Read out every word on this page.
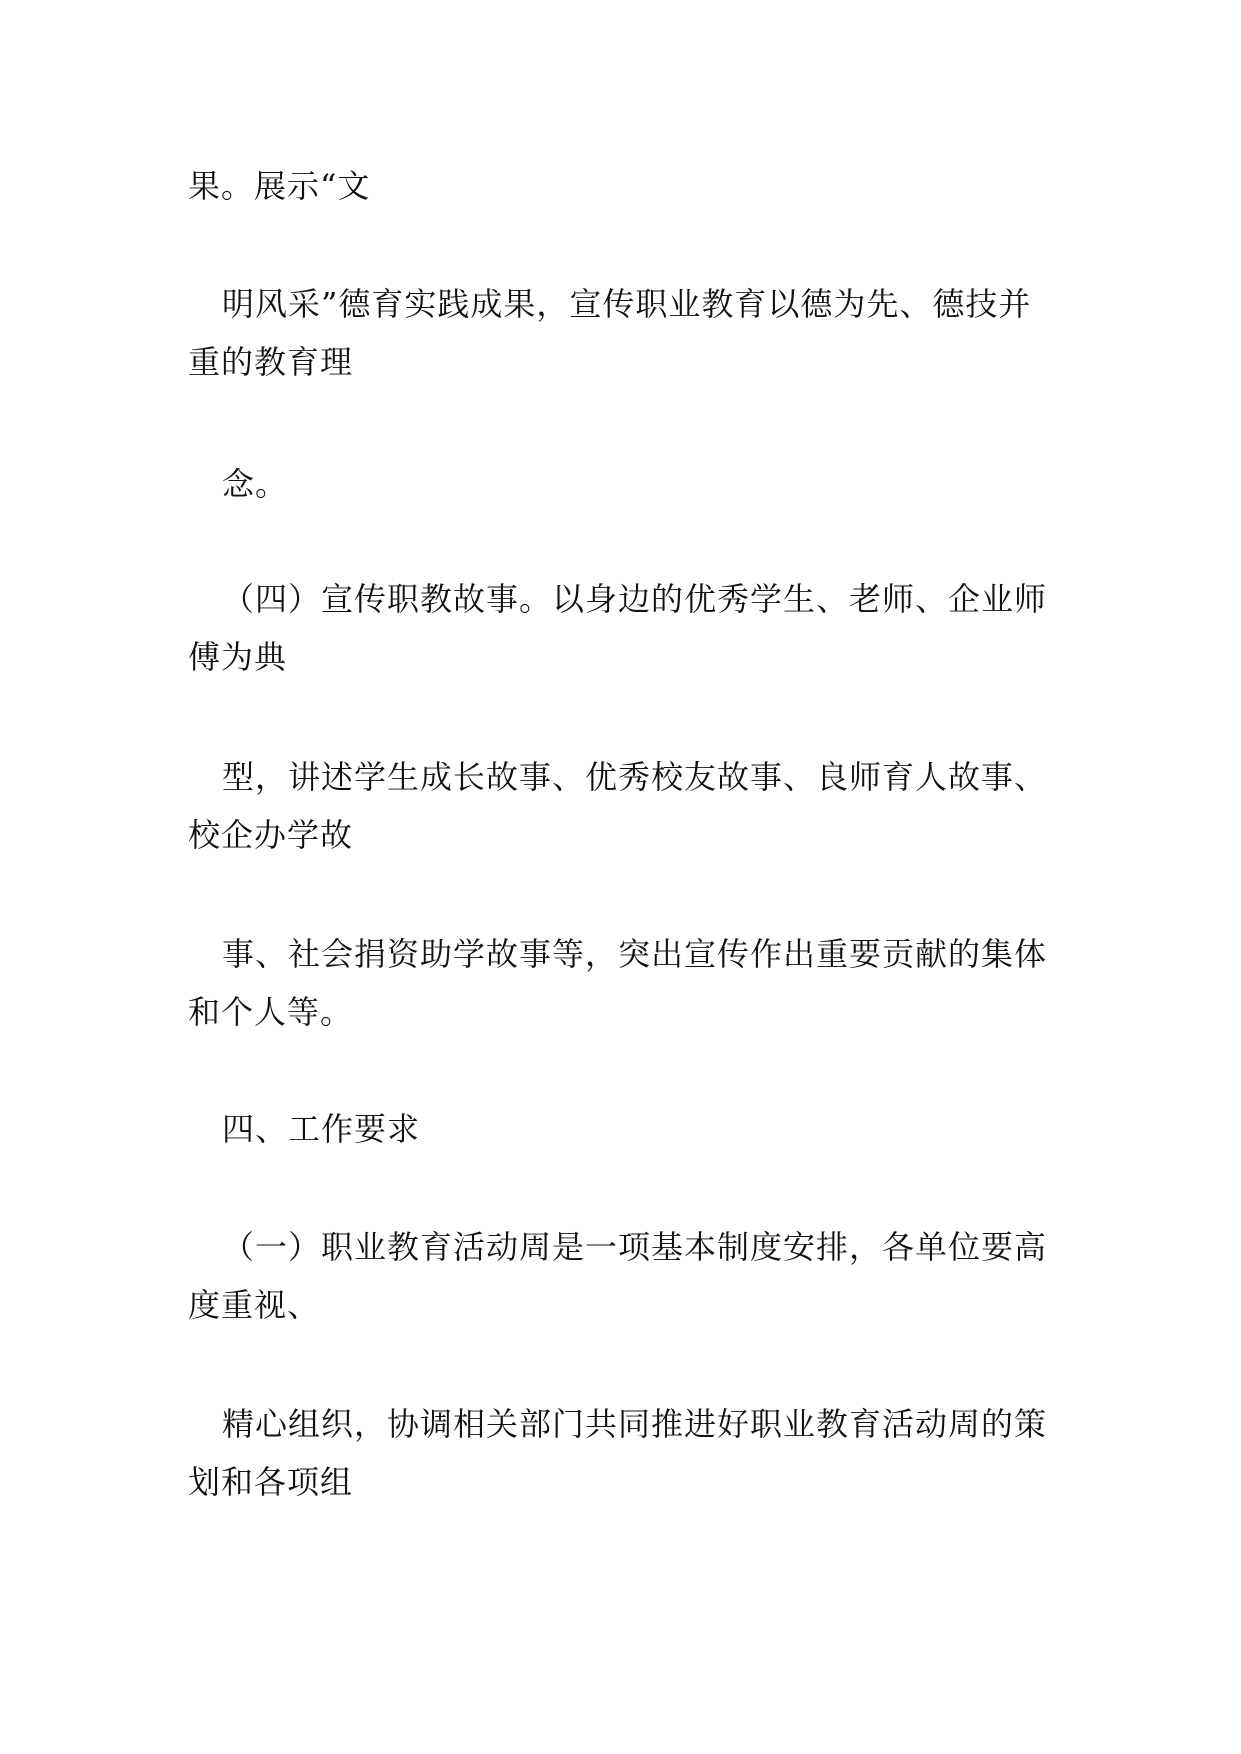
果。展示“文

明风采”德育实践成果，宣传职业教育以德为先、德技并
重的教育理

念。

（四）宣传职教故事。以身边的优秀学生、老师、企业师
傅为典

型，讲述学生成长故事、优秀校友故事、良师育人故事、
校企办学故

事、社会捐资助学故事等，突出宣传作出重要贡献的集体
和个人等。

四、工作要求

（一）职业教育活动周是一项基本制度安排，各单位要高
度重视、

精心组织，协调相关部门共同推进好职业教育活动周的策
划和各项组
